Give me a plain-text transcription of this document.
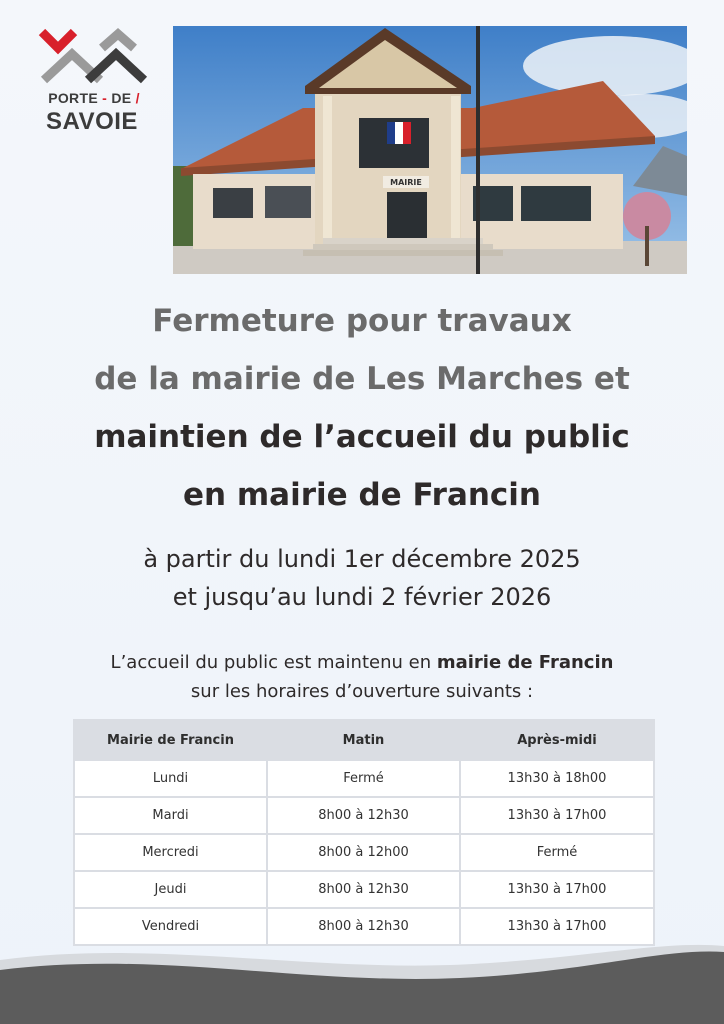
PORTE - DE /
SAVOIE
MAIRIE
Fermeture pour travaux
de la mairie de Les Marches et
maintien de l’accueil du public
en mairie de Francin
à partir du lundi 1er décembre 2025
et jusqu’au lundi 2 février 2026
L’accueil du public est maintenu en mairie de Francin
sur les horaires d’ouverture suivants :
Mairie de Francin	Matin	Après-midi
Lundi	Fermé	13h30 à 18h00
Mardi	8h00 à 12h30	13h30 à 17h00
Mercredi	8h00 à 12h00	Fermé
Jeudi	8h00 à 12h30	13h30 à 17h00
Vendredi	8h00 à 12h30	13h30 à 17h00
